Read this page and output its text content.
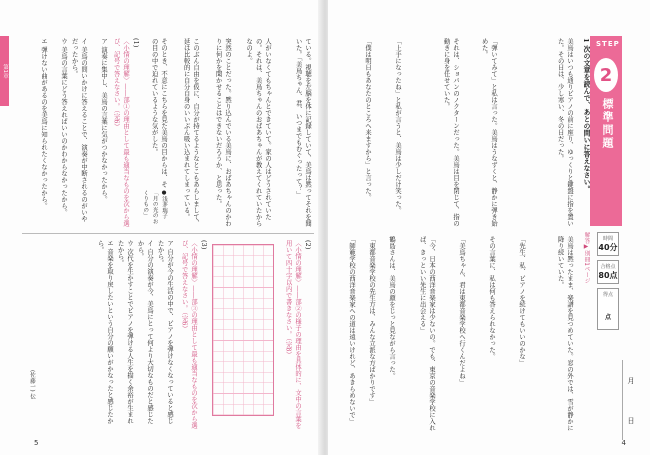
第1章
(1)
〈小情の理解〉――部①の理由として最も適当なものを次から選び、記号で答えなさい。（完6）
ア 演奏に集中し、美鳥の言葉に気がつかなかったから。
イ 美鳥の問いかけに答えることで、演奏が中断されるのがいやだったから。
ウ 美鳥の言葉にどう答えればいいのかわからなかったから。
エ 弾けない曲があるのを美鳥に知られたくなかったから。	ている。視聴を左脳を体に記録していて、美鳥は黙ってそれを聞いた。「美鳥ちゃん、君、いつまでもむぐったって？」
人がいなくてもちゃんとできていて。家の人はどうされていたの。それは、美鳥ちゃんのおばあちゃんが教えてくれていたからなのよ。
突然のことだった。黙り込んでいる美鳥に、おばあちゃんのかわりに何かを聞かせることはできないだろうか、と思った。
このぶん自由を仮に、自分が持てるようなとこもあらしまして、延は比較的に自分自身のいいぶん吸い込まれてしまっている。
そのとき、不意にこちらを見た美鳥の目からは、その目の中で迫れているような気がした。
●浅茅瑞子「月の光のおくりもの」
(2)
〈小情の理解〉――部②の様子の理由を具体的に、文中の言葉を用いて四十字以内で書きなさい。（完8）
(3)
〈小情の理解〉――部③の理由として最も適当なものを次から選び、記号で答えなさい。（完6）
ア 自分が今の生活の中で、ピアノを弾けなくなっていると感じたから。
イ 自分の演奏が今、美鳥にとって何より大切なものだと感じたから。
ウ 次代を生かすことでピアノを弾ける人生を描く余裕が生まれたから。
エ 音楽を取り戻したいという自分の願いがかなったと感じたから。
(佐藤一) 伝
5
美鳥はいつも通りピアノの前に座り、ゆっくりと鍵盤に指を置いた。その日は、少し寒い、冬の日だった。
「弾いてみて」と私は言った。美鳥はうなずくと、静かに弾き始めた。
それは、ショパンのノクターンだった。美鳥は目を閉じて、指の動きに身を任せていた。
「上手になったね」と私が言うと、美鳥は少しだけ笑った。
「僕は明日もあなたのところへ来ますから」と言った。
美鳥は黙ったまま、楽譜を見つめていた。窓の外では、雪が静かに降り続いていた。
「先生、私、ピアノを続けてもいいのかな」
その言葉に、私は何も答えられなかった。
「美鳥ちゃん、君は東都音楽学校へ行くんだよね」
「今、日本の西洋音楽家は少ないの。でも、東京の音楽学校に入れば、きっといい先生に出会える」
鶴島さんは、美鳥の顔をじっと見ながら言った。
「東都音楽学校の先生方は、みんな立派な方ばかりです」
「師範学校の西洋音楽家への道は遠いけれど、あきらめないで」
1 次の文章を読んで、あとの問いに答えなさい。
解答▶別冊1ページ
4
STEP
2
標準問題
時間
40分
合格点
80点
得点
点
月
日
